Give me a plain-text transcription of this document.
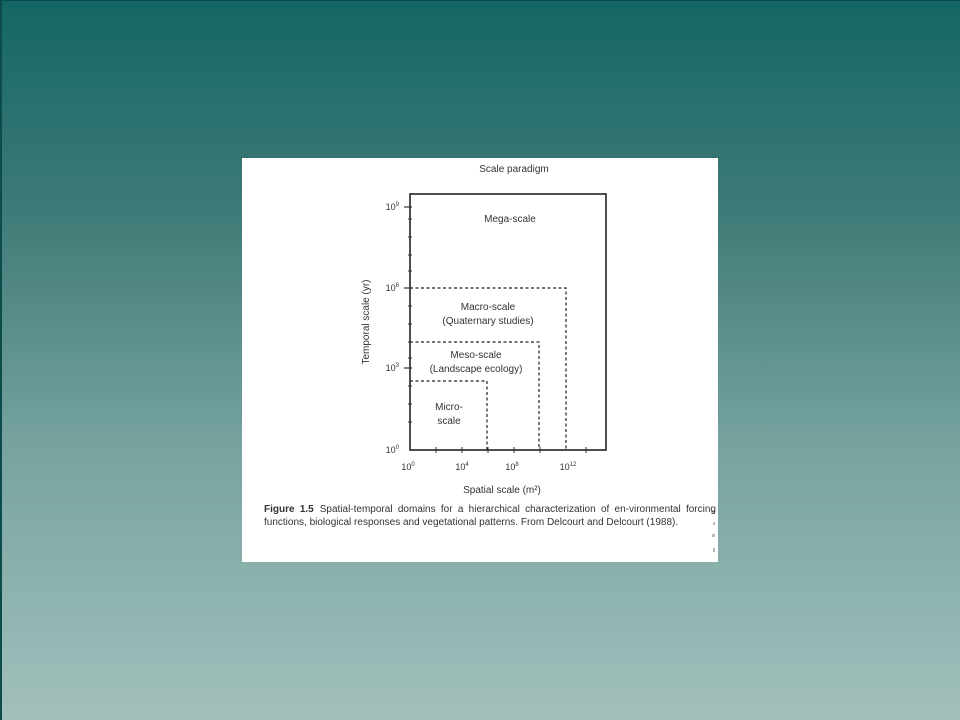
Scale paradigm
$10^9$
$10^6$
$10^3$
$10^0$
$10^0$	$10^4$	$10^8$	$10^{12}$
Spatial scale (m²)
Temporal scale (yr)
Mega-scale
Macro-scale
(Quaternary studies)
Meso-scale
(Landscape ecology)
Micro-
scale
Figure 1.5 Spatial-temporal domains for a hierarchical characterization of en-vironmental forcing functions, biological responses and vegetational patterns. From Delcourt and Delcourt (1988).
